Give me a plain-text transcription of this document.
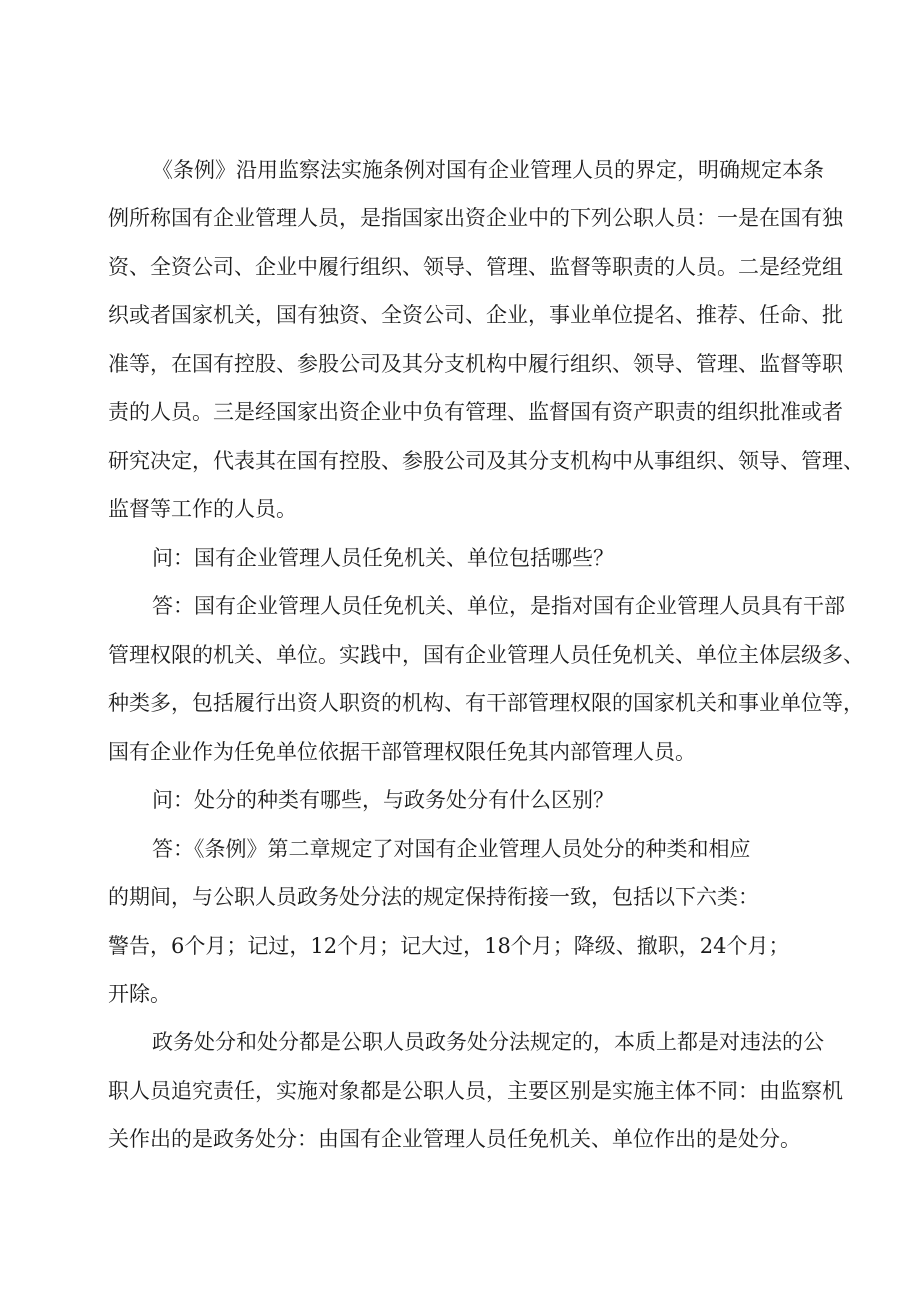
《条例》沿用监察法实施条例对国有企业管理人员的界定，明确规定本条

例所称国有企业管理人员，是指国家出资企业中的下列公职人员：一是在国有独

资、全资公司、企业中履行组织、领导、管理、监督等职责的人员。二是经党组

织或者国家机关，国有独资、全资公司、企业，事业单位提名、推荐、任命、批

准等，在国有控股、参股公司及其分支机构中履行组织、领导、管理、监督等职

责的人员。三是经国家出资企业中负有管理、监督国有资产职责的组织批准或者

研究决定，代表其在国有控股、参股公司及其分支机构中从事组织、领导、管理、

监督等工作的人员。

问：国有企业管理人员任免机关、单位包括哪些？

答：国有企业管理人员任免机关、单位，是指对国有企业管理人员具有干部

管理权限的机关、单位。实践中，国有企业管理人员任免机关、单位主体层级多、

种类多，包括履行出资人职资的机构、有干部管理权限的国家机关和事业单位等，

国有企业作为任免单位依据干部管理权限任免其内部管理人员。

问：处分的种类有哪些，与政务处分有什么区别？

答：《条例》第二章规定了对国有企业管理人员处分的种类和相应

的期间，与公职人员政务处分法的规定保持衔接一致，包括以下六类：

警告，6个月；记过，12个月；记大过，18个月；降级、撤职，24个月；

开除。

政务处分和处分都是公职人员政务处分法规定的，本质上都是对违法的公

职人员追究责任，实施对象都是公职人员，主要区别是实施主体不同：由监察机

关作出的是政务处分：由国有企业管理人员任免机关、单位作出的是处分。
